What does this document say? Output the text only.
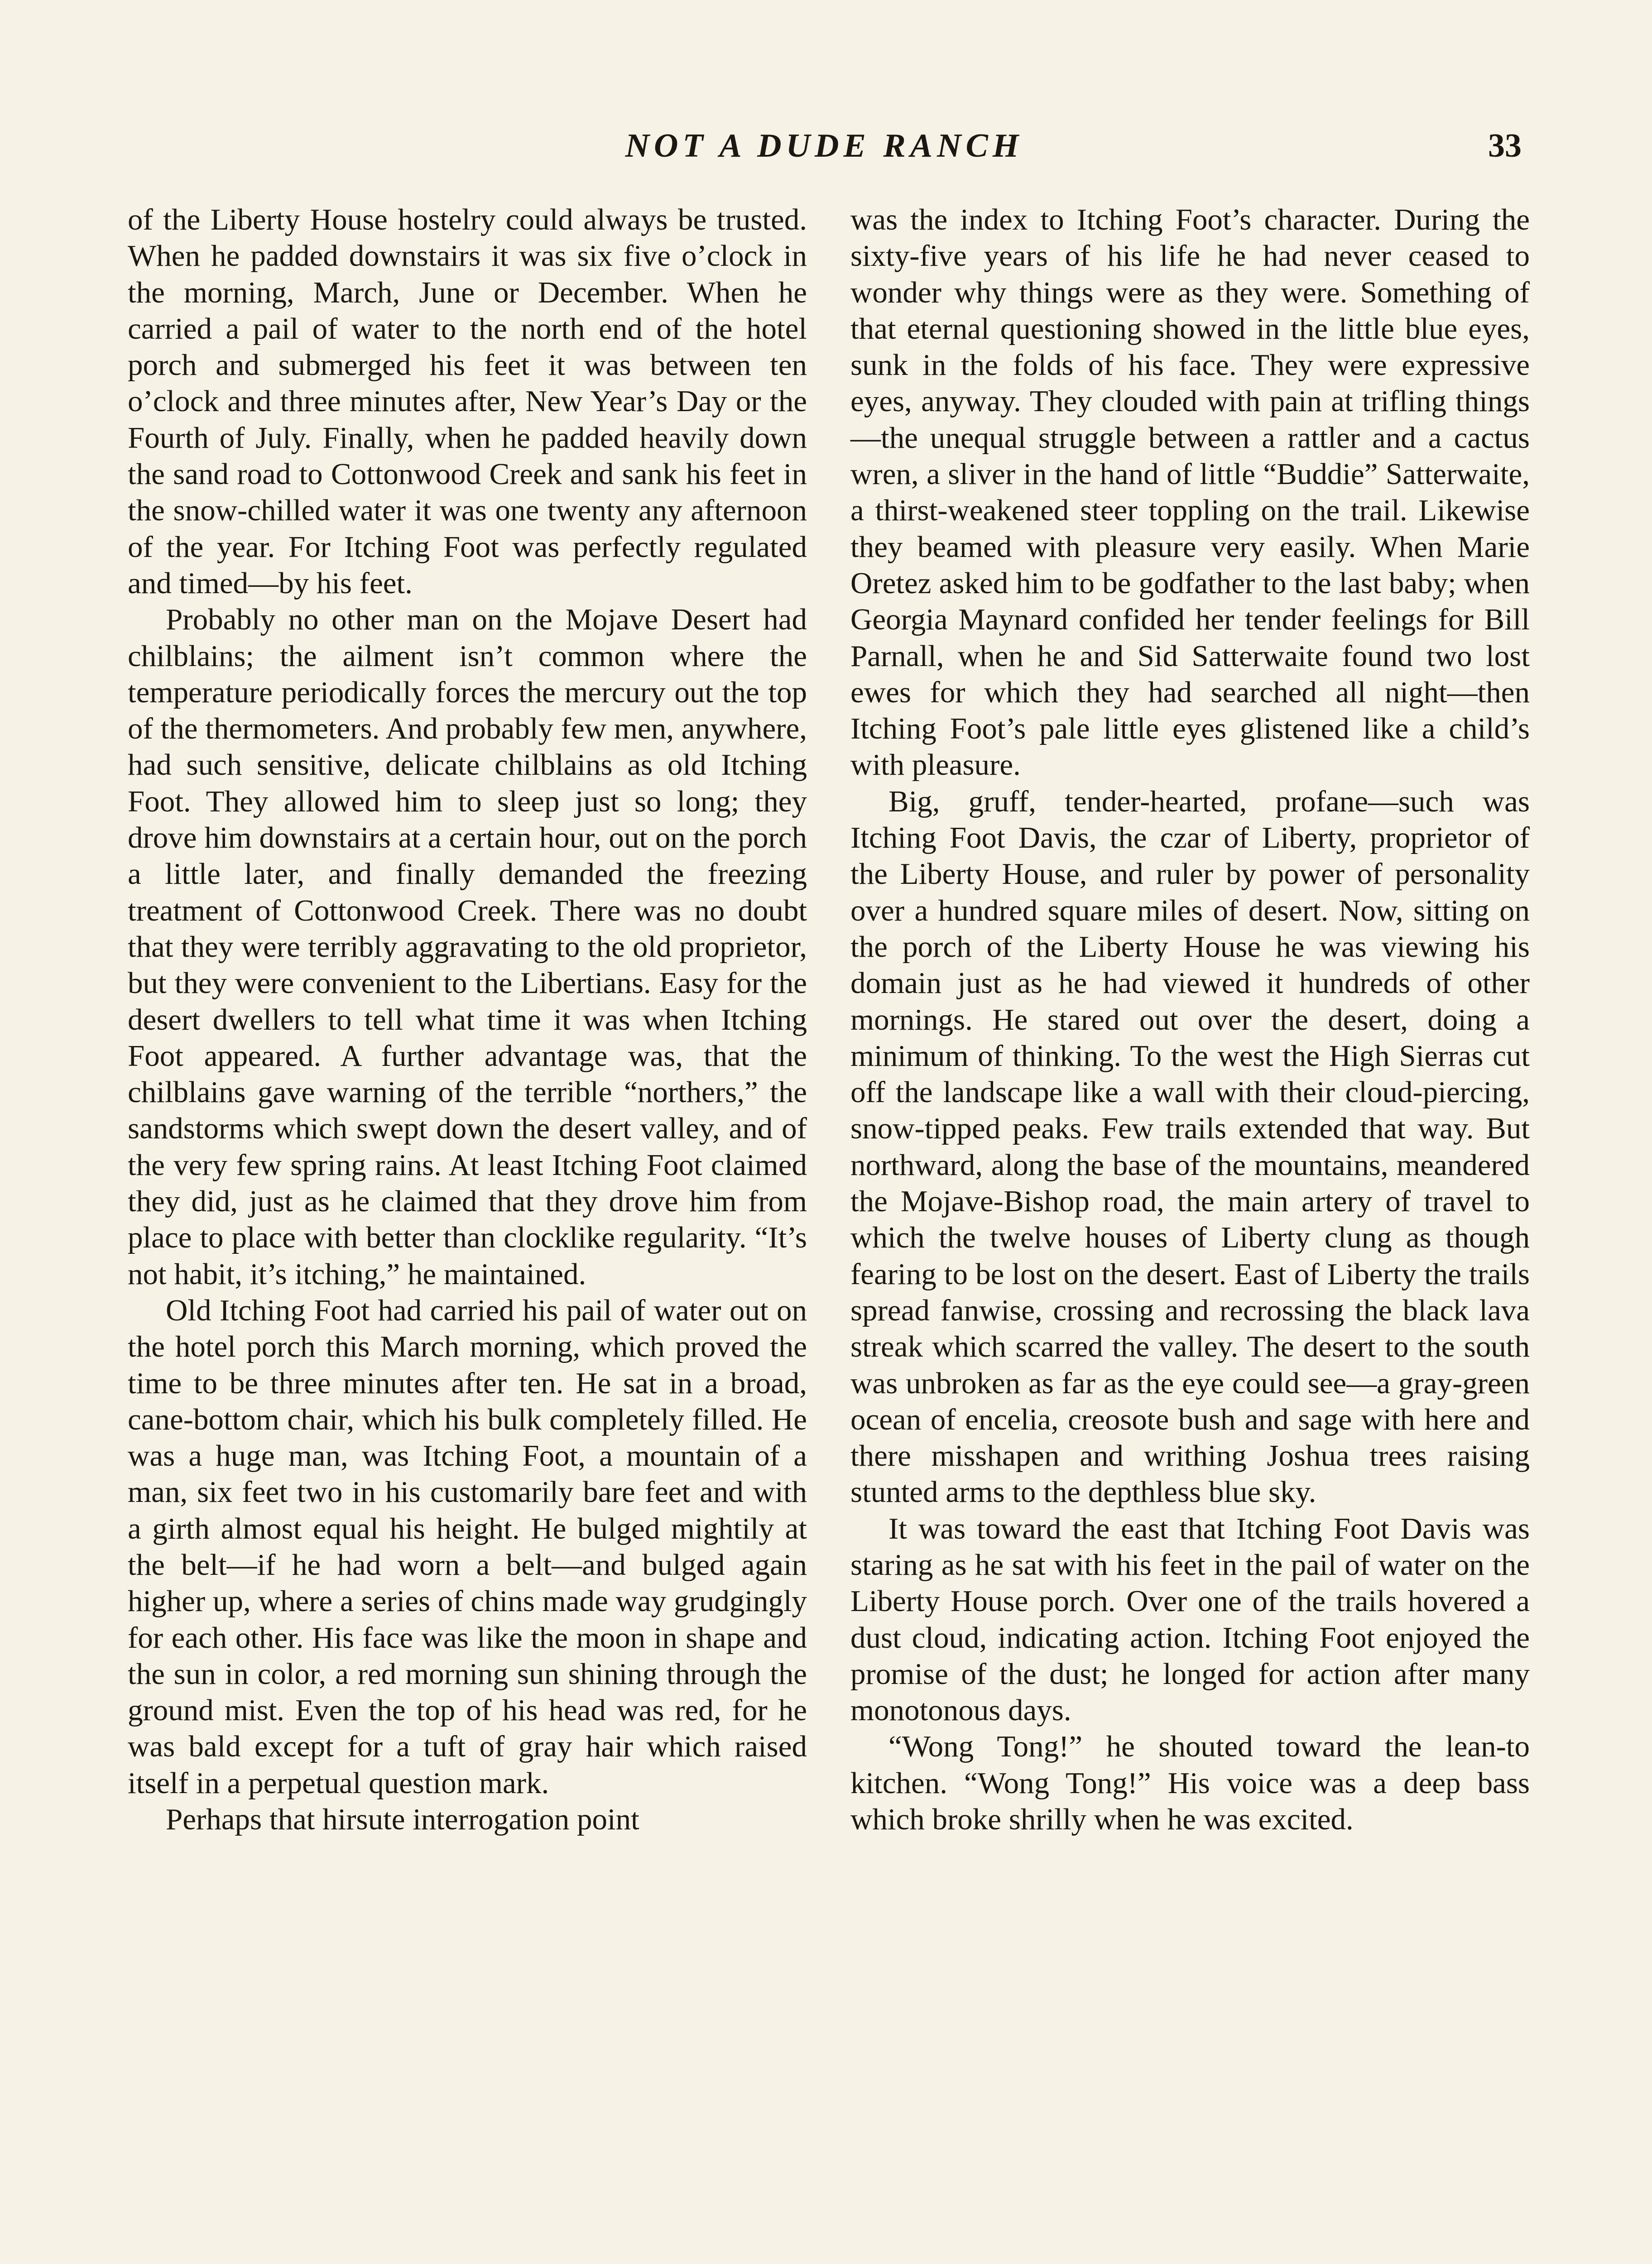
NOT A DUDE RANCH	33

of the Liberty House hostelry could always be trusted. When he padded downstairs it was six five o’clock in the morning, March, June or December. When he carried a pail of water to the north end of the hotel porch and submerged his feet it was between ten o’clock and three minutes after, New Year’s Day or the Fourth of July. Finally, when he padded heavily down the sand road to Cottonwood Creek and sank his feet in the snow-chilled water it was one twenty any afternoon of the year. For Itching Foot was perfectly regulated and timed—by his feet.

Probably no other man on the Mojave Desert had chilblains; the ailment isn’t common where the temperature periodically forces the mercury out the top of the thermometers. And probably few men, anywhere, had such sensitive, delicate chilblains as old Itching Foot. They allowed him to sleep just so long; they drove him downstairs at a certain hour, out on the porch a little later, and finally demanded the freezing treatment of Cottonwood Creek. There was no doubt that they were terribly aggravating to the old proprietor, but they were convenient to the Libertians. Easy for the desert dwellers to tell what time it was when Itching Foot appeared. A further advantage was, that the chilblains gave warning of the terrible “northers,” the sandstorms which swept down the desert valley, and of the very few spring rains. At least Itching Foot claimed they did, just as he claimed that they drove him from place to place with better than clocklike regularity. “It’s not habit, it’s itching,” he maintained.

Old Itching Foot had carried his pail of water out on the hotel porch this March morning, which proved the time to be three minutes after ten. He sat in a broad, cane-bottom chair, which his bulk completely filled. He was a huge man, was Itching Foot, a mountain of a man, six feet two in his customarily bare feet and with a girth almost equal his height. He bulged mightily at the belt—if he had worn a belt—and bulged again higher up, where a series of chins made way grudgingly for each other. His face was like the moon in shape and the sun in color, a red morning sun shining through the ground mist. Even the top of his head was red, for he was bald except for a tuft of gray hair which raised itself in a perpetual question mark.

Perhaps that hirsute interrogation point

was the index to Itching Foot’s character. During the sixty-five years of his life he had never ceased to wonder why things were as they were. Something of that eternal questioning showed in the little blue eyes, sunk in the folds of his face. They were expressive eyes, anyway. They clouded with pain at trifling things—the unequal struggle between a rattler and a cactus wren, a sliver in the hand of little “Buddie” Satterwaite, a thirst-weakened steer toppling on the trail. Likewise they beamed with pleasure very easily. When Marie Oretez asked him to be godfather to the last baby; when Georgia Maynard confided her tender feelings for Bill Parnall, when he and Sid Satterwaite found two lost ewes for which they had searched all night—then Itching Foot’s pale little eyes glistened like a child’s with pleasure.

Big, gruff, tender-hearted, profane—such was Itching Foot Davis, the czar of Liberty, proprietor of the Liberty House, and ruler by power of personality over a hundred square miles of desert. Now, sitting on the porch of the Liberty House he was viewing his domain just as he had viewed it hundreds of other mornings. He stared out over the desert, doing a minimum of thinking. To the west the High Sierras cut off the landscape like a wall with their cloud-piercing, snow-tipped peaks. Few trails extended that way. But northward, along the base of the mountains, meandered the Mojave-Bishop road, the main artery of travel to which the twelve houses of Liberty clung as though fearing to be lost on the desert. East of Liberty the trails spread fanwise, crossing and recrossing the black lava streak which scarred the valley. The desert to the south was unbroken as far as the eye could see—a gray-green ocean of encelia, creosote bush and sage with here and there misshapen and writhing Joshua trees raising stunted arms to the depthless blue sky.

It was toward the east that Itching Foot Davis was staring as he sat with his feet in the pail of water on the Liberty House porch. Over one of the trails hovered a dust cloud, indicating action. Itching Foot enjoyed the promise of the dust; he longed for action after many monotonous days.

“Wong Tong!” he shouted toward the lean-to kitchen. “Wong Tong!” His voice was a deep bass which broke shrilly when he was excited.
